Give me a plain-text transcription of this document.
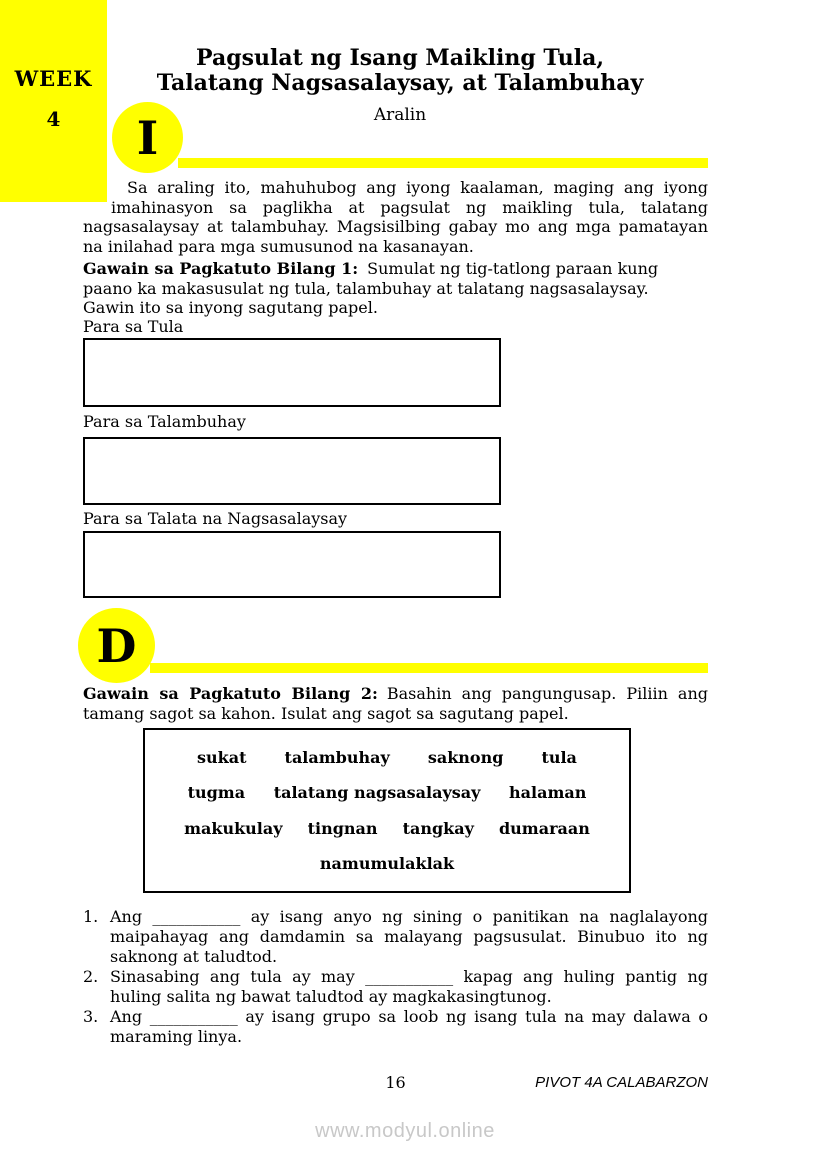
WEEK
4
Pagsulat ng Isang Maikling Tula,
Talatang Nagsasalaysay, at Talambuhay
Aralin
I
Sa araling ito, mahuhubog ang iyong kaalaman, maging ang iyong
imahinasyon sa paglikha at pagsulat ng maikling tula, talatang
nagsasalaysay at talambuhay. Magsisilbing gabay mo ang mga pamatayan
na inilahad para mga sumusunod na kasanayan.
Gawain sa Pagkatuto Bilang 1: Sumulat ng tig-tatlong paraan kung
paano ka makasusulat ng tula, talambuhay at talatang nagsasalaysay.
Gawin ito sa inyong sagutang papel.
Para sa Tula
Para sa Talambuhay
Para sa Talata na Nagsasalaysay
D
Gawain sa Pagkatuto Bilang 2: Basahin ang pangungusap. Piliin ang
tamang sagot sa kahon. Isulat ang sagot sa sagutang papel.
sukat talambuhay saknong tula
tugma talatang nagsasalaysay halaman
makukulay tingnan tangkay dumaraan
namumulaklak
1. Ang ___________ ay isang anyo ng sining o panitikan na naglalayong
maipahayag ang damdamin sa malayang pagsusulat. Binubuo ito ng
saknong at taludtod.
2. Sinasabing ang tula ay may ___________ kapag ang huling pantig ng
huling salita ng bawat taludtod ay magkakasingtunog.
3. Ang ___________ ay isang grupo sa loob ng isang tula na may dalawa o
maraming linya.
16	PIVOT 4A CALABARZON
www.modyul.online
